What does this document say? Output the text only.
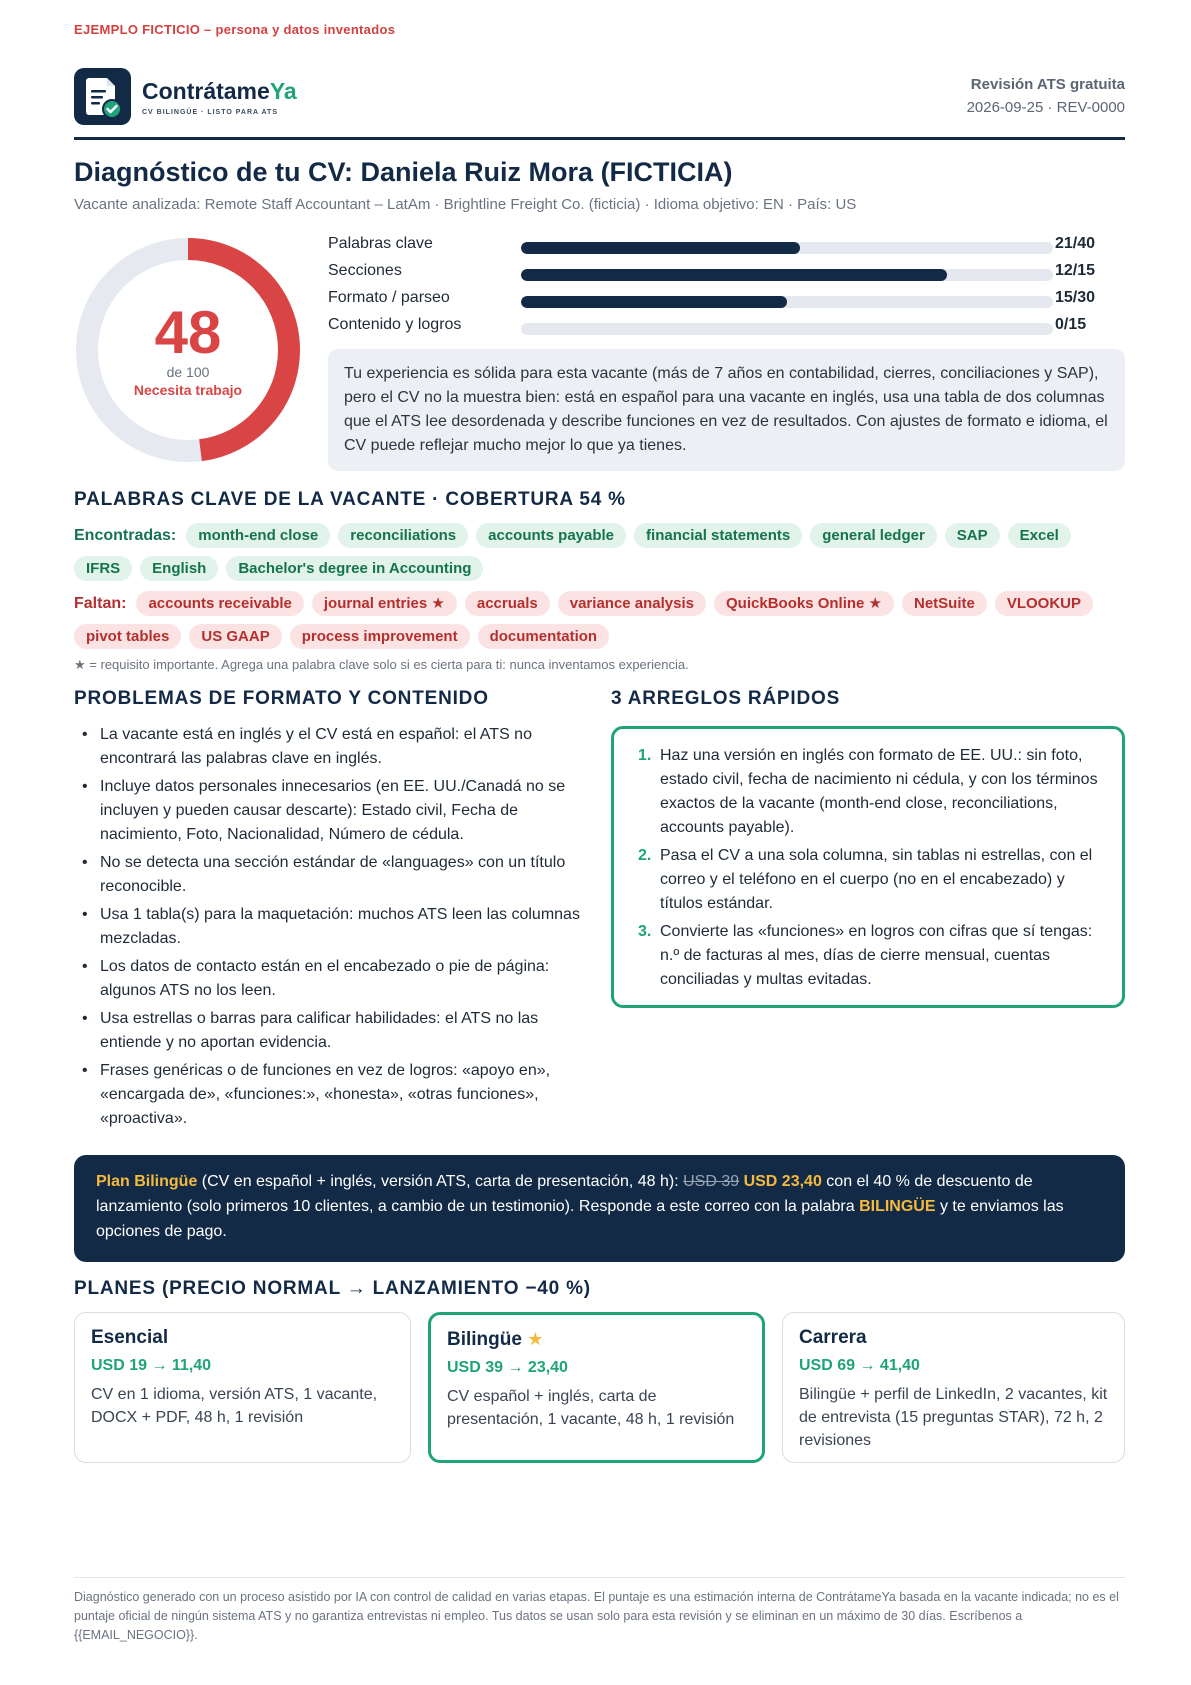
EJEMPLO FICTICIO – persona y datos inventados
ContrátameYa
CV BILINGÜE · LISTO PARA ATS
Revisión ATS gratuita
2026-09-25 · REV-0000
Diagnóstico de tu CV: Daniela Ruiz Mora (FICTICIA)
Vacante analizada: Remote Staff Accountant – LatAm · Brightline Freight Co. (ficticia) · Idioma objetivo: EN · País: US
48
de 100
Necesita trabajo
Palabras clave	21/40
Secciones	12/15
Formato / parseo	15/30
Contenido y logros	0/15
Tu experiencia es sólida para esta vacante (más de 7 años en contabilidad, cierres, conciliaciones y SAP), pero el CV no la muestra bien: está en español para una vacante en inglés, usa una tabla de dos columnas que el ATS lee desordenada y describe funciones en vez de resultados. Con ajustes de formato e idioma, el CV puede reflejar mucho mejor lo que ya tienes.
PALABRAS CLAVE DE LA VACANTE · COBERTURA 54 %
Encontradas:	month-end close	reconciliations	accounts payable	financial statements	general ledger	SAP	Excel
IFRS	English	Bachelor's degree in Accounting
Faltan:	accounts receivable	journal entries ★	accruals	variance analysis	QuickBooks Online ★	NetSuite	VLOOKUP
pivot tables	US GAAP	process improvement	documentation
★ = requisito importante. Agrega una palabra clave solo si es cierta para ti: nunca inventamos experiencia.
PROBLEMAS DE FORMATO Y CONTENIDO
• La vacante está en inglés y el CV está en español: el ATS no encontrará las palabras clave en inglés.
• Incluye datos personales innecesarios (en EE. UU./Canadá no se incluyen y pueden causar descarte): Estado civil, Fecha de nacimiento, Foto, Nacionalidad, Número de cédula.
• No se detecta una sección estándar de «languages» con un título reconocible.
• Usa 1 tabla(s) para la maquetación: muchos ATS leen las columnas mezcladas.
• Los datos de contacto están en el encabezado o pie de página: algunos ATS no los leen.
• Usa estrellas o barras para calificar habilidades: el ATS no las entiende y no aportan evidencia.
• Frases genéricas o de funciones en vez de logros: «apoyo en», «encargada de», «funciones:», «honesta», «otras funciones», «proactiva».
3 ARREGLOS RÁPIDOS
1. Haz una versión en inglés con formato de EE. UU.: sin foto, estado civil, fecha de nacimiento ni cédula, y con los términos exactos de la vacante (month-end close, reconciliations, accounts payable).
2. Pasa el CV a una sola columna, sin tablas ni estrellas, con el correo y el teléfono en el cuerpo (no en el encabezado) y títulos estándar.
3. Convierte las «funciones» en logros con cifras que sí tengas: n.º de facturas al mes, días de cierre mensual, cuentas conciliadas y multas evitadas.
Plan Bilingüe (CV en español + inglés, versión ATS, carta de presentación, 48 h): USD 39 USD 23,40 con el 40 % de descuento de lanzamiento (solo primeros 10 clientes, a cambio de un testimonio). Responde a este correo con la palabra BILINGÜE y te enviamos las opciones de pago.
PLANES (PRECIO NORMAL → LANZAMIENTO −40 %)
Esencial
USD 19 → 11,40
CV en 1 idioma, versión ATS, 1 vacante, DOCX + PDF, 48 h, 1 revisión
Bilingüe ★
USD 39 → 23,40
CV español + inglés, carta de presentación, 1 vacante, 48 h, 1 revisión
Carrera
USD 69 → 41,40
Bilingüe + perfil de LinkedIn, 2 vacantes, kit de entrevista (15 preguntas STAR), 72 h, 2 revisiones
Diagnóstico generado con un proceso asistido por IA con control de calidad en varias etapas. El puntaje es una estimación interna de ContrátameYa basada en la vacante indicada; no es el puntaje oficial de ningún sistema ATS y no garantiza entrevistas ni empleo. Tus datos se usan solo para esta revisión y se eliminan en un máximo de 30 días. Escríbenos a {{EMAIL_NEGOCIO}}.
